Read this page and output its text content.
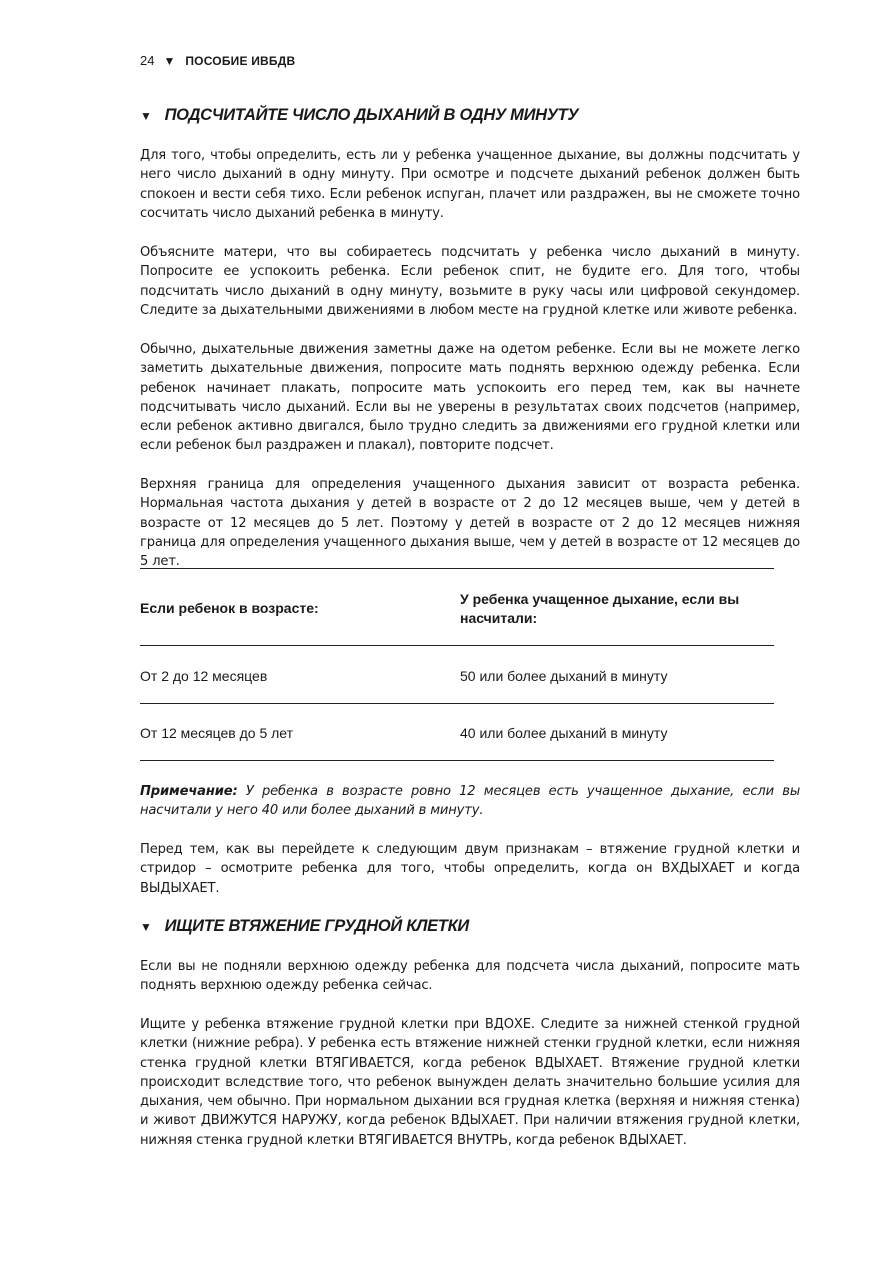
24 ▼ ПОСОБИЕ ИВБДВ
▼ ПОДСЧИТАЙТЕ ЧИСЛО ДЫХАНИЙ В ОДНУ МИНУТУ

Для того, чтобы определить, есть ли у ребенка учащенное дыхание, вы должны подсчитать у него число дыханий в одну минуту. При осмотре и подсчете дыханий ребенок должен быть спокоен и вести себя тихо. Если ребенок испуган, плачет или раздражен, вы не сможете точно сосчитать число дыханий ребенка в минуту.

Объясните матери, что вы собираетесь подсчитать у ребенка число дыханий в минуту. Попросите ее успокоить ребенка. Если ребенок спит, не будите его. Для того, чтобы подсчитать число дыханий в одну минуту, возьмите в руку часы или цифровой секундомер. Следите за дыхательными движениями в любом месте на грудной клетке или животе ребенка.

Обычно, дыхательные движения заметны даже на одетом ребенке. Если вы не можете легко заметить дыхательные движения, попросите мать поднять верхнюю одежду ребенка. Если ребенок начинает плакать, попросите мать успокоить его перед тем, как вы начнете подсчитывать число дыханий. Если вы не уверены в результатах своих подсчетов (например, если ребенок активно двигался, было трудно следить за движениями его грудной клетки или если ребенок был раздражен и плакал), повторите подсчет.

Верхняя граница для определения учащенного дыхания зависит от возраста ребенка. Нормальная частота дыхания у детей в возрасте от 2 до 12 месяцев выше, чем у детей в возрасте от 12 месяцев до 5 лет. Поэтому у детей в возрасте от 2 до 12 месяцев нижняя граница для определения учащенного дыхания выше, чем у детей в возрасте от 12 месяцев до 5 лет.

Если ребенок в возрасте:
У ребенка учащенное дыхание, если вы насчитали:
От 2 до 12 месяцев	50 или более дыханий в минуту
От 12 месяцев до 5 лет	40 или более дыханий в минуту

Примечание: У ребенка в возрасте ровно 12 месяцев есть учащенное дыхание, если вы насчитали у него 40 или более дыханий в минуту.

Перед тем, как вы перейдете к следующим двум признакам – втяжение грудной клетки и стридор – осмотрите ребенка для того, чтобы определить, когда он ВХДЫХАЕТ и когда ВЫДЫХАЕТ.

▼ ИЩИТЕ ВТЯЖЕНИЕ ГРУДНОЙ КЛЕТКИ

Если вы не подняли верхнюю одежду ребенка для подсчета числа дыханий, попросите мать поднять верхнюю одежду ребенка сейчас.

Ищите у ребенка втяжение грудной клетки при ВДОХЕ. Следите за нижней стенкой грудной клетки (нижние ребра). У ребенка есть втяжение нижней стенки грудной клетки, если нижняя стенка грудной клетки ВТЯГИВАЕТСЯ, когда ребенок ВДЫХАЕТ. Втяжение грудной клетки происходит вследствие того, что ребенок вынужден делать значительно большие усилия для дыхания, чем обычно. При нормальном дыхании вся грудная клетка (верхняя и нижняя стенка) и живот ДВИЖУТСЯ НАРУЖУ, когда ребенок ВДЫХАЕТ. При наличии втяжения грудной клетки, нижняя стенка грудной клетки ВТЯГИВАЕТСЯ ВНУТРЬ, когда ребенок ВДЫХАЕТ.
